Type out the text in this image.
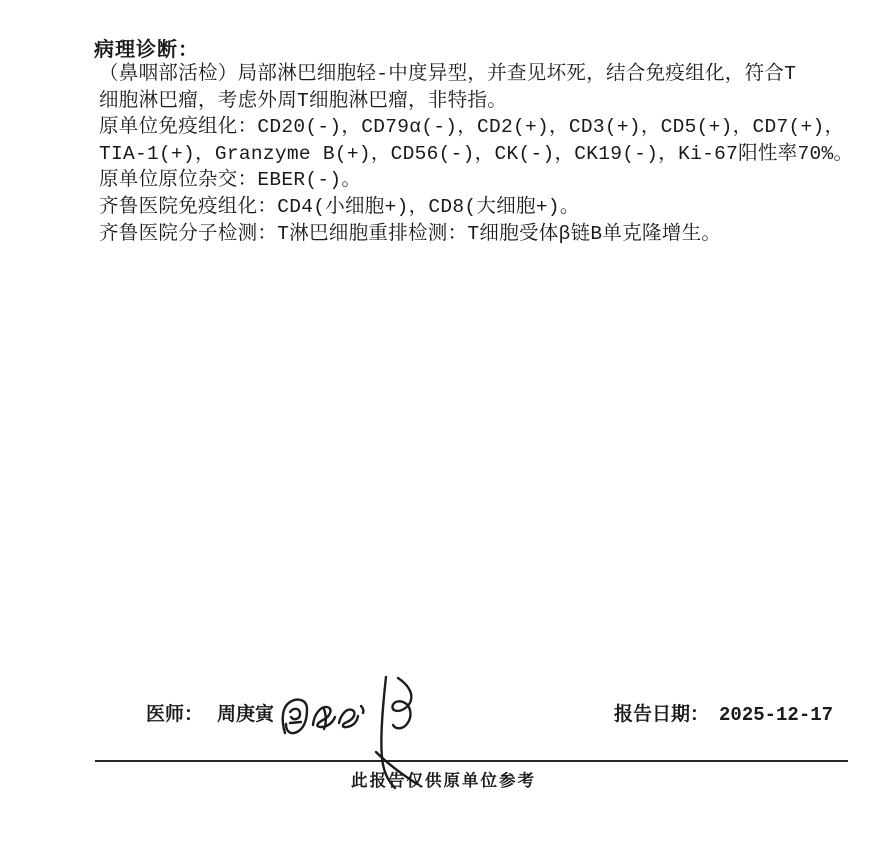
病理诊断：
（鼻咽部活检）局部淋巴细胞轻-中度异型，并查见坏死，结合免疫组化，符合T
细胞淋巴瘤，考虑外周T细胞淋巴瘤，非特指。
原单位免疫组化：CD20(-)，CD79α(-)，CD2(+)，CD3(+)，CD5(+)，CD7(+)，
TIA-1(+)，Granzyme B(+)，CD56(-)，CK(-)，CK19(-)，Ki-67阳性率70%。
原单位原位杂交：EBER(-)。
齐鲁医院免疫组化：CD4(小细胞+)，CD8(大细胞+)。
齐鲁医院分子检测：T淋巴细胞重排检测：T细胞受体β链B单克隆增生。
医师： 周庚寅	报告日期： 2025-12-17
此报告仅供原单位参考
